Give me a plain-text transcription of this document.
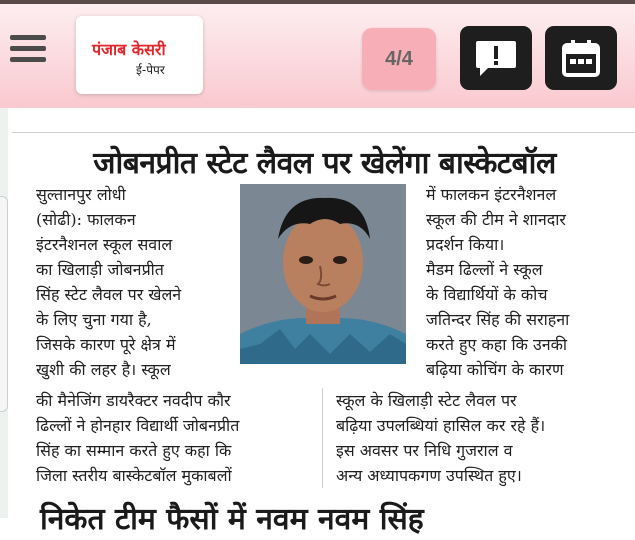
पंजाब केसरी
ई-पेपर
4/4
जोबनप्रीत स्टेट लैवल पर खेलेंगा बास्केटबॉल

सुल्तानपुर लोधी

(सोढी): फालकन

इंटरनैशनल स्कूल सवाल

का खिलाड़ी जोबनप्रीत

सिंह स्टेट लैवल पर खेलने

के लिए चुना गया है,

जिसके कारण पूरे क्षेत्र में

खुशी की लहर है। स्कूल

में फालकन इंटरनैशनल

स्कूल की टीम ने शानदार

प्रदर्शन किया।

मैडम ढिल्लों ने स्कूल

के विद्यार्थियों के कोच

जतिन्दर सिंह की सराहना

करते हुए कहा कि उनकी

बढ़िया कोचिंग के कारण

की मैनेजिंग डायरैक्टर नवदीप कौर

ढिल्लों ने होनहार विद्यार्थी जोबनप्रीत

सिंह का सम्मान करते हुए कहा कि

जिला स्तरीय बास्केटबॉल मुकाबलों

स्कूल के खिलाड़ी स्टेट लैवल पर

बढ़िया उपलब्धियां हासिल कर रहे हैं।

इस अवसर पर निधि गुजराल व

अन्य अध्यापकगण उपस्थित हुए।

निकेत टीम फैसों में नवम नवम सिंह
